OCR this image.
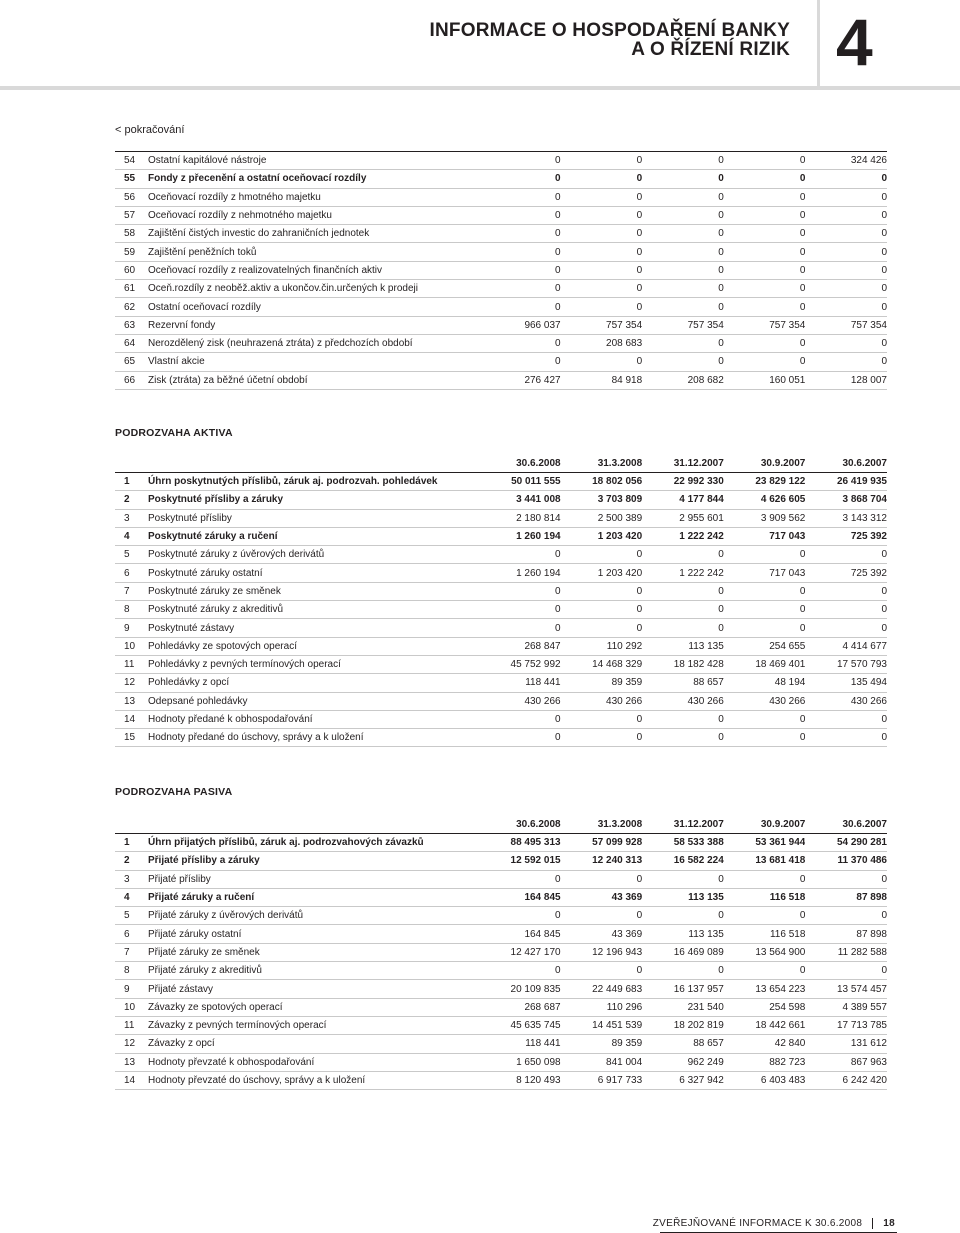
INFORMACE O HOSPODAŘENÍ BANKY
A O ŘÍZENÍ RIZIK 4
< pokračování
54	Ostatní kapitálové nástroje	0	0	0	0	324 426
55	Fondy z přecenění a ostatní oceňovací rozdíly	0	0	0	0	0
56	Oceňovací rozdíly z hmotného majetku	0	0	0	0	0
57	Oceňovací rozdíly z nehmotného majetku	0	0	0	0	0
58	Zajištění čistých investic do zahraničních jednotek	0	0	0	0	0
59	Zajištění peněžních toků	0	0	0	0	0
60	Oceňovací rozdíly z realizovatelných finančních aktiv	0	0	0	0	0
61	Oceň.rozdíly z neoběž.aktiv a ukončov.čin.určených k prodeji	0	0	0	0	0
62	Ostatní oceňovací rozdíly	0	0	0	0	0
63	Rezervní fondy	966 037	757 354	757 354	757 354	757 354
64	Nerozdělený zisk (neuhrazená ztráta) z předchozích období	0	208 683	0	0	0
65	Vlastní akcie	0	0	0	0	0
66	Zisk (ztráta) za běžné účetní období	276 427	84 918	208 682	160 051	128 007
PODROZVAHA AKTIVA
		30.6.2008	31.3.2008	31.12.2007	30.9.2007	30.6.2007
1	Úhrn poskytnutých příslibů, záruk aj. podrozvah. pohledávek	50 011 555	18 802 056	22 992 330	23 829 122	26 419 935
2	Poskytnuté přísliby a záruky	3 441 008	3 703 809	4 177 844	4 626 605	3 868 704
3	Poskytnuté přísliby	2 180 814	2 500 389	2 955 601	3 909 562	3 143 312
4	Poskytnuté záruky a ručení	1 260 194	1 203 420	1 222 242	717 043	725 392
5	Poskytnuté záruky z úvěrových derivátů	0	0	0	0	0
6	Poskytnuté záruky ostatní	1 260 194	1 203 420	1 222 242	717 043	725 392
7	Poskytnuté záruky ze směnek	0	0	0	0	0
8	Poskytnuté záruky z akreditivů	0	0	0	0	0
9	Poskytnuté zástavy	0	0	0	0	0
10	Pohledávky ze spotových operací	268 847	110 292	113 135	254 655	4 414 677
11	Pohledávky z pevných termínových operací	45 752 992	14 468 329	18 182 428	18 469 401	17 570 793
12	Pohledávky z opcí	118 441	89 359	88 657	48 194	135 494
13	Odepsané pohledávky	430 266	430 266	430 266	430 266	430 266
14	Hodnoty předané k obhospodařování	0	0	0	0	0
15	Hodnoty předané do úschovy, správy a k uložení	0	0	0	0	0
PODROZVAHA PASIVA
		30.6.2008	31.3.2008	31.12.2007	30.9.2007	30.6.2007
1	Úhrn přijatých příslibů, záruk aj. podrozvahových závazků	88 495 313	57 099 928	58 533 388	53 361 944	54 290 281
2	Přijaté přísliby a záruky	12 592 015	12 240 313	16 582 224	13 681 418	11 370 486
3	Přijaté přísliby	0	0	0	0	0
4	Přijaté záruky a ručení	164 845	43 369	113 135	116 518	87 898
5	Přijaté záruky z úvěrových derivátů	0	0	0	0	0
6	Přijaté záruky ostatní	164 845	43 369	113 135	116 518	87 898
7	Přijaté záruky ze směnek	12 427 170	12 196 943	16 469 089	13 564 900	11 282 588
8	Přijaté záruky z akreditivů	0	0	0	0	0
9	Přijaté zástavy	20 109 835	22 449 683	16 137 957	13 654 223	13 574 457
10	Závazky ze spotových operací	268 687	110 296	231 540	254 598	4 389 557
11	Závazky z pevných termínových operací	45 635 745	14 451 539	18 202 819	18 442 661	17 713 785
12	Závazky z opcí	118 441	89 359	88 657	42 840	131 612
13	Hodnoty převzaté k obhospodařování	1 650 098	841 004	962 249	882 723	867 963
14	Hodnoty převzaté do úschovy, správy a k uložení	8 120 493	6 917 733	6 327 942	6 403 483	6 242 420
ZVEŘEJŇOVANÉ INFORMACE K 30.6.2008 18
